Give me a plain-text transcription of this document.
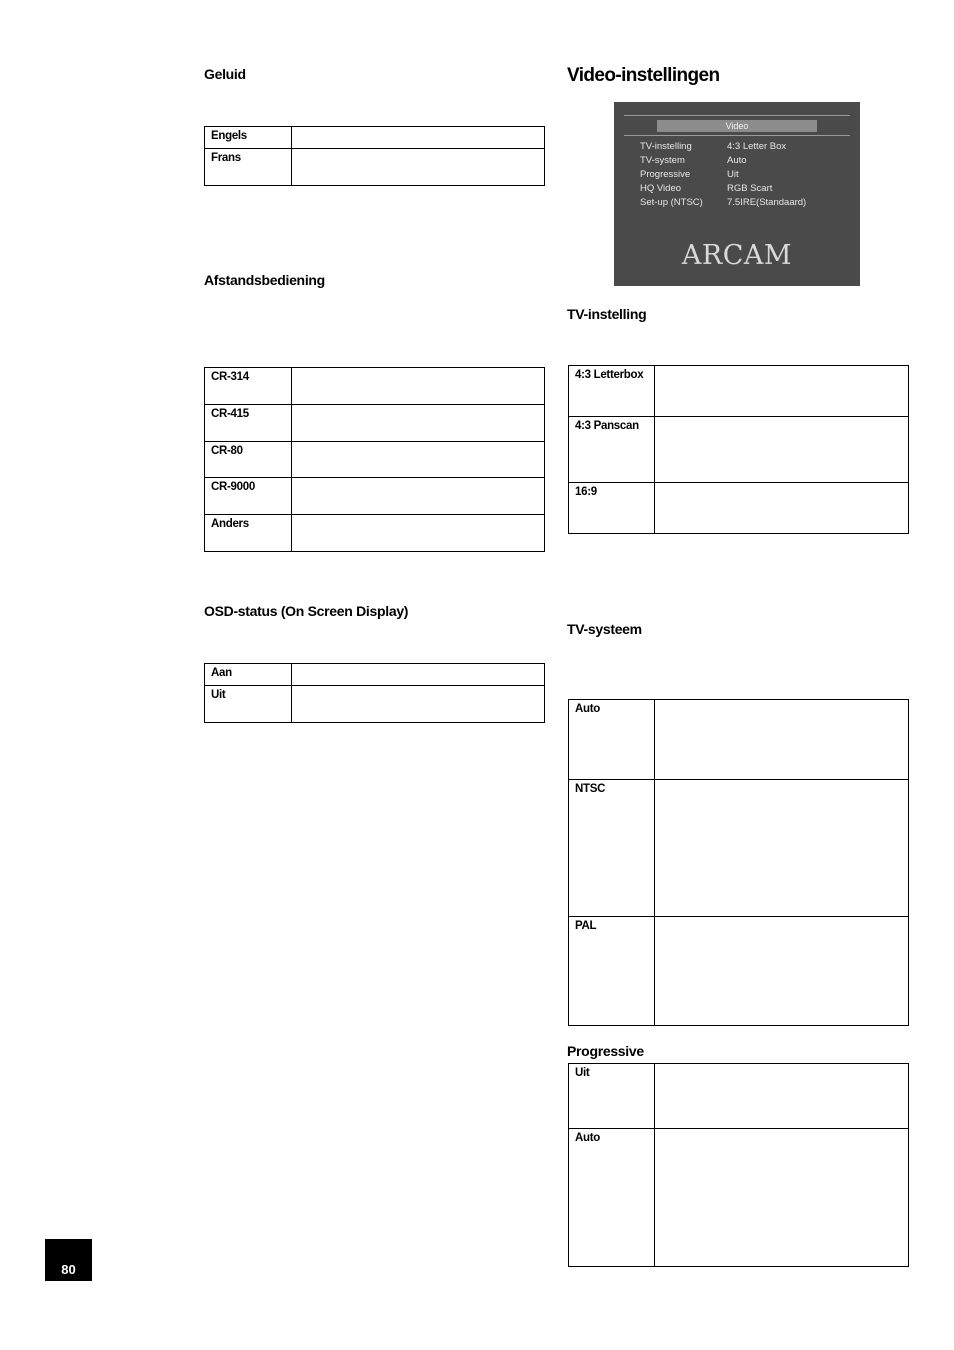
Geluid
Engels	
Frans	
Afstandsbediening
CR-314	
CR-415	
CR-80	
CR-9000	
Anders	
OSD-status (On Screen Display)
Aan	
Uit	
Video-instellingen
Video
TV-instelling	4:3 Letter Box
TV-system	Auto
Progressive	Uit
HQ Video	RGB Scart
Set-up (NTSC)	7.5IRE(Standaard)
ARCAM
TV-instelling
4:3 Letterbox	
4:3 Panscan	
16:9	
TV-systeem
Auto	
NTSC	
PAL	
Progressive
Uit	
Auto	
80
